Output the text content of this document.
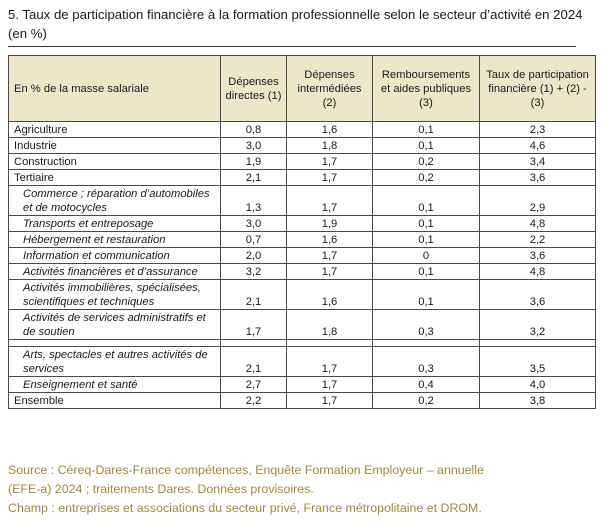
5. Taux de participation financière à la formation professionnelle selon le secteur d’activité en 2024 (en %)
En % de la masse salariale	Dépenses directes (1)	Dépenses intermédiées (2)	Remboursements et aides publiques (3)	Taux de participation financière (1) + (2) - (3)
Agriculture	0,8	1,6	0,1	2,3
Industrie	3,0	1,8	0,1	4,6
Construction	1,9	1,7	0,2	3,4
Tertiaire	2,1	1,7	0,2	3,6
Commerce ; réparation d’automobiles et de motocycles	1,3	1,7	0,1	2,9
Transports et entreposage	3,0	1,9	0,1	4,8
Hébergement et restauration	0,7	1,6	0,1	2,2
Information et communication	2,0	1,7	0	3,6
Activités financières et d’assurance	3,2	1,7	0,1	4,8
Activités immobilières, spécialisées, scientifiques et techniques	2,1	1,6	0,1	3,6
Activités de services administratifs et de soutien	1,7	1,8	0,3	3,2

Arts, spectacles et autres activités de services	2,1	1,7	0,3	3,5
Enseignement et santé	2,7	1,7	0,4	4,0
Ensemble	2,2	1,7	0,2	3,8
Source : Céreq-Dares-France compétences, Enquête Formation Employeur – annuelle
(EFE-a) 2024 ; traitements Dares. Données provisoires.
Champ : entreprises et associations du secteur privé, France métropolitaine et DROM.
